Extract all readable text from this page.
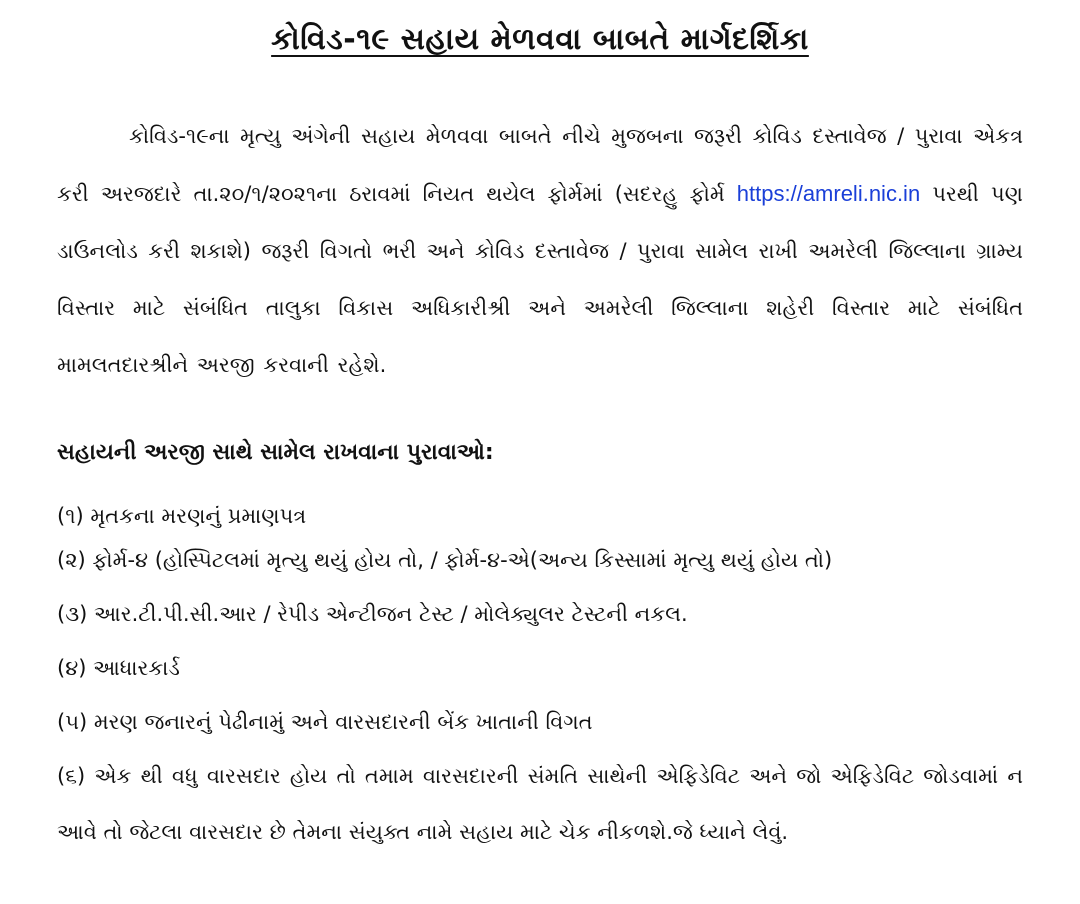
કોવિડ-૧૯ સહાય મેળવવા બાબતે માર્ગદર્શિકા
કોવિડ-૧૯ના મૃત્યુ અંગેની સહાય મેળવવા બાબતે નીચે મુજબના જરૂરી કોવિડ દસ્તાવેજ / પુરાવા એકત્ર કરી અરજદારે તા.૨૦/૧/૨૦૨૧ના ઠરાવમાં નિયત થયેલ ફોર્મમાં (સદરહુ ફોર્મ https://amreli.nic.in પરથી પણ ડાઉનલોડ કરી શકાશે) જરૂરી વિગતો ભરી અને કોવિડ દસ્તાવેજ / પુરાવા સામેલ રાખી અમરેલી જિલ્લાના ગ્રામ્ય વિસ્તાર માટે સંબંધિત તાલુકા વિકાસ અધિકારીશ્રી અને અમરેલી જિલ્લાના શહેરી વિસ્તાર માટે સંબંધિત મામલતદારશ્રીને અરજી કરવાની રહેશે.
સહાયની અરજી સાથે સામેલ રાખવાના પુરાવાઓ:
(૧) મૃતકના મરણનું પ્રમાણપત્ર
(૨) ફોર્મ-૪ (હોસ્પિટલમાં મૃત્યુ થયું હોય તો, / ફોર્મ-૪-એ(અન્ય કિસ્સામાં મૃત્યુ થયું હોય તો)
(૩) આર.ટી.પી.સી.આર / રેપીડ એન્ટીજન ટેસ્ટ / મોલેક્યુલર ટેસ્ટની નકલ.
(૪) આધારકાર્ડ
(૫) મરણ જનારનું પેઢીનામું અને વારસદારની બેંક ખાતાની વિગત
(૬) એક થી વધુ વારસદાર હોય તો તમામ વારસદારની સંમતિ સાથેની એફિડેવિટ અને જો એફિડેવિટ જોડવામાં ન આવે તો જેટલા વારસદાર છે તેમના સંયુક્ત નામે સહાય માટે ચેક નીકળશે.જે ધ્યાને લેવું.
